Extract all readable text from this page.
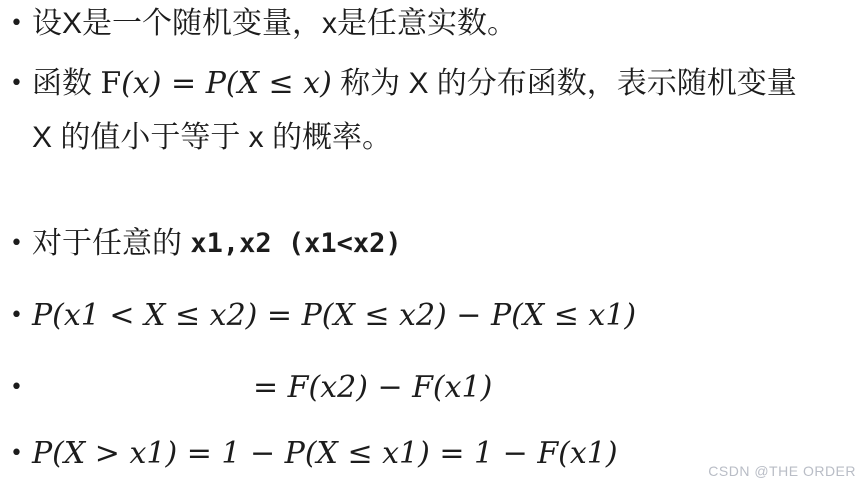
• 设X是一个随机变量，x是任意实数。
• 函数 F (x) = P(X ≤ x) 称为 X 的分布函数，表示随机变量
X 的值小于等于 x 的概率。
• 对于任意的 x1,x2 (x1<x2)
• P(x1 < X ≤ x2) = P(X ≤ x2) − P(X ≤ x1)
•	= F(x2) − F(x1)
• P(X > x1) = 1 − P(X ≤ x1) = 1 − F(x1)	CSDN @THE ORDER
